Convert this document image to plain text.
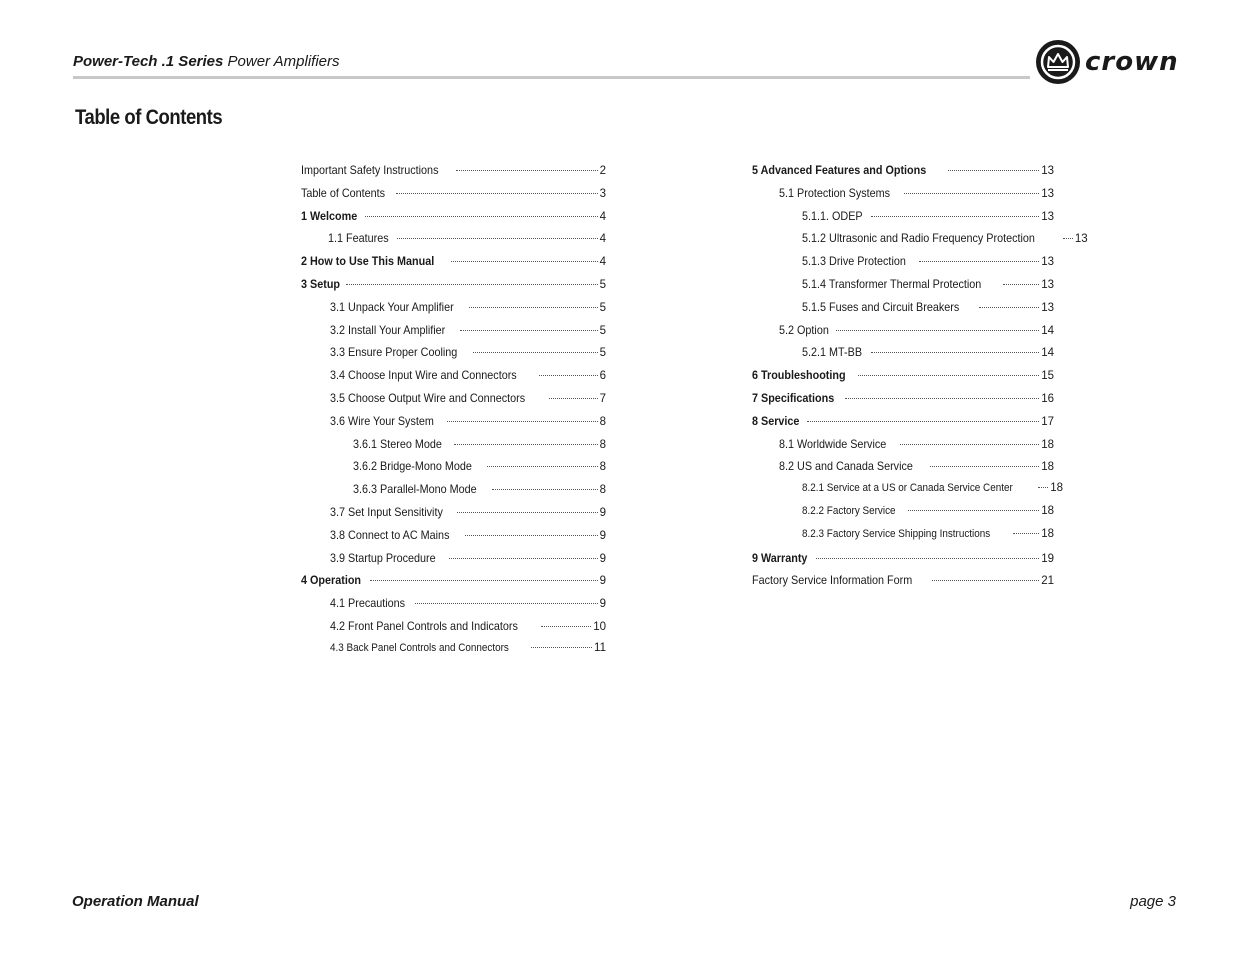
Power-Tech .1 Series Power Amplifiers	crown
Table of Contents
Important Safety Instructions	2
Table of Contents	3
1 Welcome	4
1.1 Features	4
2 How to Use This Manual	4
3 Setup	5
3.1 Unpack Your Amplifier	5
3.2 Install Your Amplifier	5
3.3 Ensure Proper Cooling	5
3.4 Choose Input Wire and Connectors	6
3.5 Choose Output Wire and Connectors	7
3.6 Wire Your System	8
3.6.1 Stereo Mode	8
3.6.2 Bridge-Mono Mode	8
3.6.3 Parallel-Mono Mode	8
3.7 Set Input Sensitivity	9
3.8 Connect to AC Mains	9
3.9 Startup Procedure	9
4 Operation	9
4.1 Precautions	9
4.2 Front Panel Controls and Indicators	10
4.3 Back Panel Controls and Connectors	11
5 Advanced Features and Options	13
5.1 Protection Systems	13
5.1.1. ODEP	13
5.1.2 Ultrasonic and Radio Frequency Protection	13
5.1.3 Drive Protection	13
5.1.4 Transformer Thermal Protection	13
5.1.5 Fuses and Circuit Breakers	13
5.2 Option	14
5.2.1 MT-BB	14
6 Troubleshooting	15
7 Specifications	16
8 Service	17
8.1 Worldwide Service	18
8.2 US and Canada Service	18
8.2.1 Service at a US or Canada Service Center	18
8.2.2 Factory Service	18
8.2.3 Factory Service Shipping Instructions	18
9 Warranty	19
Factory Service Information Form	21
Operation Manual	page 3
